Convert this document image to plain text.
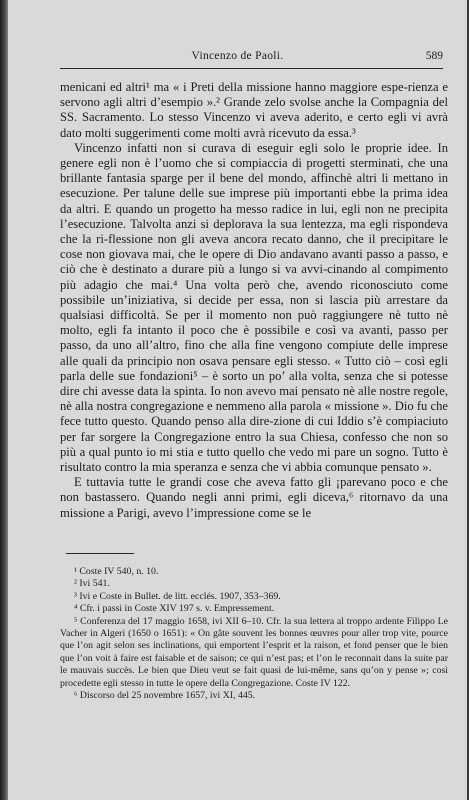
Vincenzo de Paoli.	589

menicani ed altri¹ ma « i Preti della missione hanno maggiore espe-rienza e servono agli altri d’esempio ».² Grande zelo svolse anche la Compagnia del SS. Sacramento. Lo stesso Vincenzo vi aveva aderito, e certo egli vi avrà dato molti suggerimenti come molti avrà ricevuto da essa.³

Vincenzo infatti non si curava di eseguir egli solo le proprie idee. In genere egli non è l’uomo che si compiaccia di progetti sterminati, che una brillante fantasia sparge per il bene del mondo, affinchè altri li mettano in esecuzione. Per talune delle sue imprese più importanti ebbe la prima idea da altri. E quando un progetto ha messo radice in lui, egli non ne precipita l’esecuzione. Talvolta anzi si deplorava la sua lentezza, ma egli rispondeva che la ri-flessione non gli aveva ancora recato danno, che il precipitare le cose non giovava mai, che le opere di Dio andavano avanti passo a passo, e ciò che è destinato a durare più a lungo si va avvi-cinando al compimento più adagio che mai.⁴ Una volta però che, avendo riconosciuto come possibile un’iniziativa, si decide per essa, non si lascia più arrestare da qualsiasi difficoltà. Se per il momento non può raggiungere nè tutto nè molto, egli fa intanto il poco che è possibile e così va avanti, passo per passo, da uno all’altro, fino che alla fine vengono compiute delle imprese alle quali da principio non osava pensare egli stesso. « Tutto ciò – così egli parla delle sue fondazioni⁵ – è sorto un po’ alla volta, senza che si potesse dire chi avesse data la spinta. Io non avevo mai pensato nè alle nostre regole, nè alla nostra congregazione e nemmeno alla parola « missione ». Dio fu che fece tutto questo. Quando penso alla dire-zione di cui Iddio s’è compiaciuto per far sorgere la Congregazione entro la sua Chiesa, confesso che non so più a qual punto io mi stia e tutto quello che vedo mi pare un sogno. Tutto è risultato contro la mia speranza e senza che vi abbia comunque pensato ».

E tuttavia tutte le grandi cose che aveva fatto gli ¡parevano poco e che non bastassero. Quando negli anni primi, egli diceva,⁶ ritornavo da una missione a Parigi, avevo l’impressione come se le

¹ Coste IV 540, n. 10.

² Ivi 541.

³ Ivi e Coste in Bullet. de litt. ecclés. 1907, 353–369.

⁴ Cfr. i passi in Coste XIV 197 s. v. Empressement.

⁵ Conferenza del 17 maggio 1658, ivi XII 6–10. Cfr. la sua lettera al troppo ardente Filippo Le Vacher in Algeri (1650 o 1651): « On gâte souvent les bonnes œuvres pour aller trop vite, pource que l’on agit selon ses inclinations, qui emportent l’esprit et la raison, et fond penser que le bien que l’on voit à faire est faisable et de saison; ce qui n’est pas; et l’on le reconnait dans la suite par le mauvais succès. Le bien que Dieu veut se fait quasi de lui-même, sans qu’on y pense »; così procedette egli stesso in tutte le opere della Congregazione. Coste IV 122.

⁶ Discorso del 25 novembre 1657, ivi XI, 445.
